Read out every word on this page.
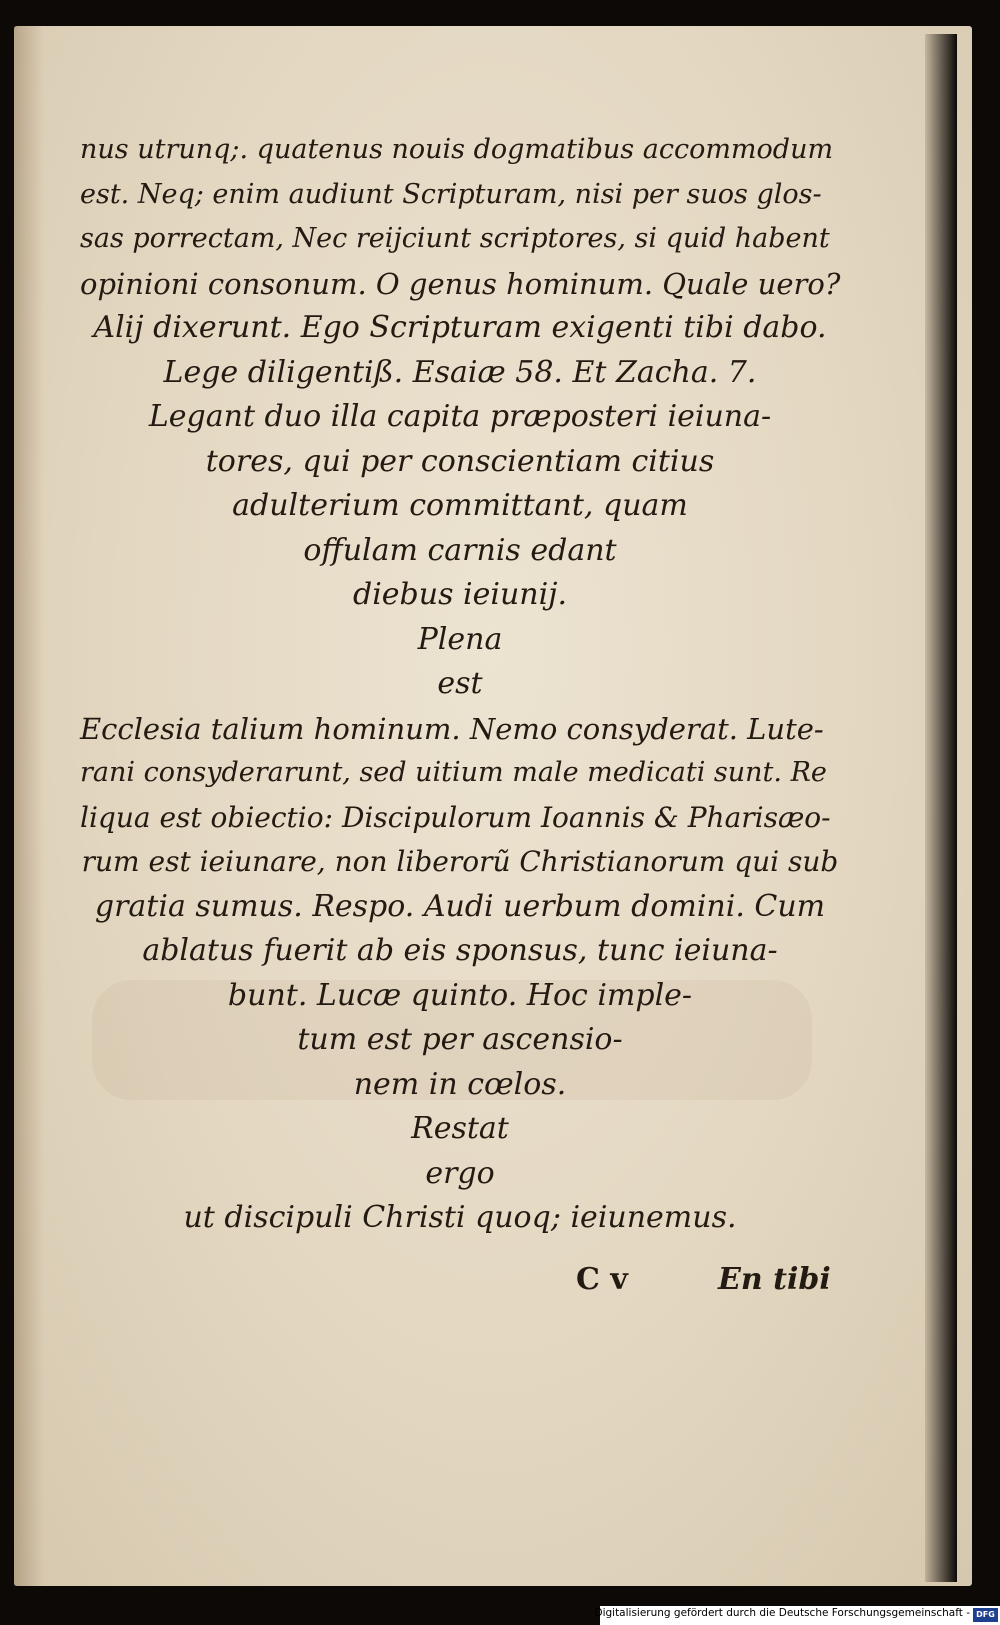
nus utrunq;. quatenus nouis dogmatibus accommodum
est. Neq; enim audiunt Scripturam, nisi per suos glos-
sas porrectam, Nec reijciunt scriptores, si quid habent
opinioni consonum. O genus hominum. Quale uero?
Alij dixerunt. Ego Scripturam exigenti tibi dabo.
Lege diligentiß. Esaiæ 58. Et Zacha. 7.
Legant duo illa capita præposteri ieiuna-
tores, qui per conscientiam citius
adulterium committant, quam
offulam carnis edant
diebus ieiunij.
Plena
est
Ecclesia talium hominum. Nemo consyderat. Lute-
rani consyderarunt, sed uitium male medicati sunt. Re
liqua est obiectio: Discipulorum Ioannis & Pharisæo-
rum est ieiunare, non liberorũ Christianorum qui sub
gratia sumus. Respo. Audi uerbum domini. Cum
ablatus fuerit ab eis sponsus, tunc ieiuna-
bunt. Lucæ quinto. Hoc imple-
tum est per ascensio-
nem in cœlos.
Restat
ergo
ut discipuli Christi quoq; ieiunemus.
C v	En tibi
Digitalisierung gefördert durch die Deutsche Forschungsgemeinschaft - DFG
